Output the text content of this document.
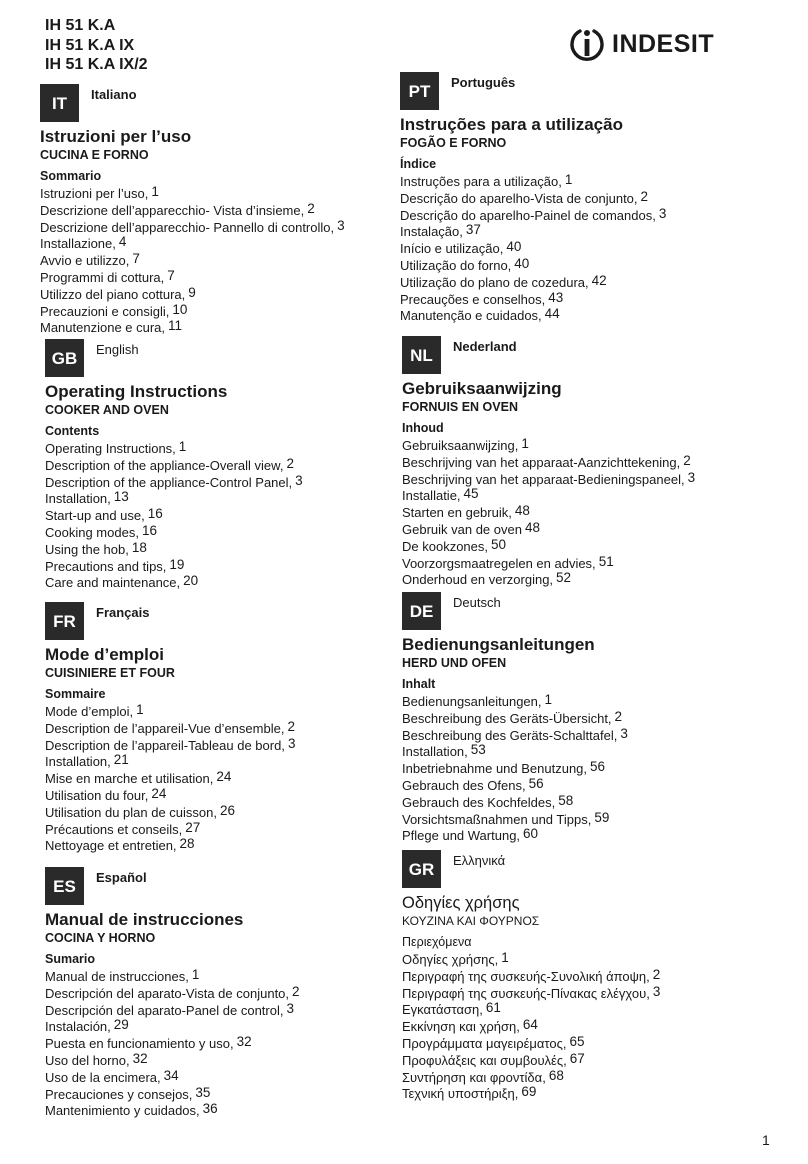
IH 51 K.A
IH 51 K.A IX
IH 51 K.A IX/2
INDESIT
IT	Italiano
Istruzioni per l’uso
CUCINA E FORNO
Sommario
Istruzioni per l’uso, 1
Descrizione dell’apparecchio- Vista d’insieme, 2
Descrizione dell’apparecchio- Pannello di controllo, 3
Installazione, 4
Avvio e utilizzo, 7
Programmi di cottura, 7
Utilizzo del piano cottura, 9
Precauzioni e consigli, 10
Manutenzione e cura, 11
GB	English
Operating Instructions
COOKER AND OVEN
Contents
Operating Instructions, 1
Description of the appliance-Overall view, 2
Description of the appliance-Control Panel, 3
Installation, 13
Start-up and use, 16
Cooking modes, 16
Using the hob, 18
Precautions and tips, 19
Care and maintenance, 20
FR	Français
Mode d’emploi
CUISINIERE ET FOUR
Sommaire
Mode d’emploi, 1
Description de l’appareil-Vue d’ensemble, 2
Description de l’appareil-Tableau de bord, 3
Installation, 21
Mise en marche et utilisation, 24
Utilisation du four, 24
Utilisation du plan de cuisson, 26
Précautions et conseils, 27
Nettoyage et entretien, 28
ES	Español
Manual de instrucciones
COCINA Y HORNO
Sumario
Manual de instrucciones, 1
Descripción del aparato-Vista de conjunto, 2
Descripción del aparato-Panel de control, 3
Instalación, 29
Puesta en funcionamiento y uso, 32
Uso del horno, 32
Uso de la encimera, 34
Precauciones y consejos, 35
Mantenimiento y cuidados, 36
PT	Português
Instruções para a utilização
FOGÃO E FORNO
Índice
Instruções para a utilização, 1
Descrição do aparelho-Vista de conjunto, 2
Descrição do aparelho-Painel de comandos, 3
Instalação, 37
Início e utilização, 40
Utilização do forno, 40
Utilização do plano de cozedura, 42
Precauções e conselhos, 43
Manutenção e cuidados, 44
NL	Nederland
Gebruiksaanwijzing
FORNUIS EN OVEN
Inhoud
Gebruiksaanwijzing, 1
Beschrijving van het apparaat-Aanzichttekening, 2
Beschrijving van het apparaat-Bedieningspaneel, 3
Installatie, 45
Starten en gebruik, 48
Gebruik van de oven 48
De kookzones, 50
Voorzorgsmaatregelen en advies, 51
Onderhoud en verzorging, 52
DE	Deutsch
Bedienungsanleitungen
HERD UND OFEN
Inhalt
Bedienungsanleitungen, 1
Beschreibung des Geräts-Übersicht, 2
Beschreibung des Geräts-Schalttafel, 3
Installation, 53
Inbetriebnahme und Benutzung, 56
Gebrauch des Ofens, 56
Gebrauch des Kochfeldes, 58
Vorsichtsmaßnahmen und Tipps, 59
Pflege und Wartung, 60
GR	Ελληνικά
Οδηγίες χρήσης
ΚΟΥΖΙΝΑ ΚΑΙ ΦΟΥΡΝΟΣ
Περιεχόμενα
Οδηγίες χρήσης, 1
Περιγραφή της συσκευής-Συνολική άποψη, 2
Περιγραφή της συσκευής-Πίνακας ελέγχου, 3
Εγκατάσταση, 61
Εκκίνηση και χρήση, 64
Προγράμματα μαγειρέματος, 65
Προφυλάξεις και συμβουλές, 67
Συντήρηση και φροντίδα, 68
Τεχνική υποστήριξη, 69
1
